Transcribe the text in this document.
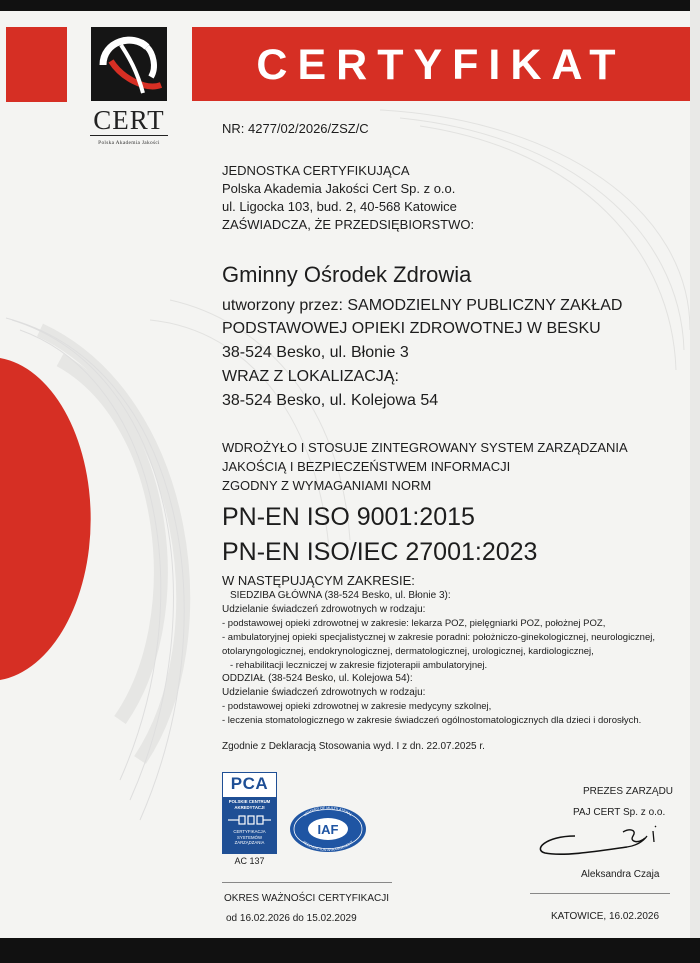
CERT
Polska Akademia Jakości
CERTYFIKAT
NR: 4277/02/2026/ZSZ/C
JEDNOSTKA CERTYFIKUJĄCA
Polska Akademia Jakości Cert Sp. z o.o.
ul. Ligocka 103, bud. 2, 40-568 Katowice
ZAŚWIADCZA, ŻE PRZEDSIĘBIORSTWO:
Gminny Ośrodek Zdrowia
utworzony przez: SAMODZIELNY PUBLICZNY ZAKŁAD
PODSTAWOWEJ OPIEKI ZDROWOTNEJ W BESKU
38-524 Besko, ul. Błonie 3
WRAZ Z LOKALIZACJĄ:
38-524 Besko, ul. Kolejowa 54
WDROŻYŁO I STOSUJE ZINTEGROWANY SYSTEM ZARZĄDZANIA
JAKOŚCIĄ I BEZPIECZEŃSTWEM INFORMACJI
ZGODNY Z WYMAGANIAMI NORM
PN-EN ISO 9001:2015
PN-EN ISO/IEC 27001:2023
W NASTĘPUJĄCYM ZAKRESIE:
SIEDZIBA GŁÓWNA (38-524 Besko, ul. Błonie 3):
Udzielanie świadczeń zdrowotnych w rodzaju:
- podstawowej opieki zdrowotnej w zakresie: lekarza POZ, pielęgniarki POZ, położnej POZ,
- ambulatoryjnej opieki specjalistycznej w zakresie poradni: położniczo-ginekologicznej, neurologicznej,
otolaryngologicznej, endokrynologicznej, dermatologicznej, urologicznej, kardiologicznej,
- rehabilitacji leczniczej w zakresie fizjoterapii ambulatoryjnej.
ODDZIAŁ (38-524 Besko, ul. Kolejowa 54):
Udzielanie świadczeń zdrowotnych w rodzaju:
- podstawowej opieki zdrowotnej w zakresie medycyny szkolnej,
- leczenia stomatologicznego w zakresie świadczeń ogólnostomatologicznych dla dzieci i dorosłych.
Zgodnie z Deklaracją Stosowania wyd. I z dn. 22.07.2025 r.
PCA
POLSKIE CENTRUM
AKREDYTACJI
CERTYFIKACJA
SYSTEMÓW
ZARZĄDZANIA
AC 137
IAF
MEMBER OF MULTILATERAL
RECOGNITION ARRANGEMENT
PREZES ZARZĄDU
PAJ CERT Sp. z o.o.
Aleksandra Czaja
OKRES WAŻNOŚCI CERTYFIKACJI
od 16.02.2026 do 15.02.2029	KATOWICE, 16.02.2026
